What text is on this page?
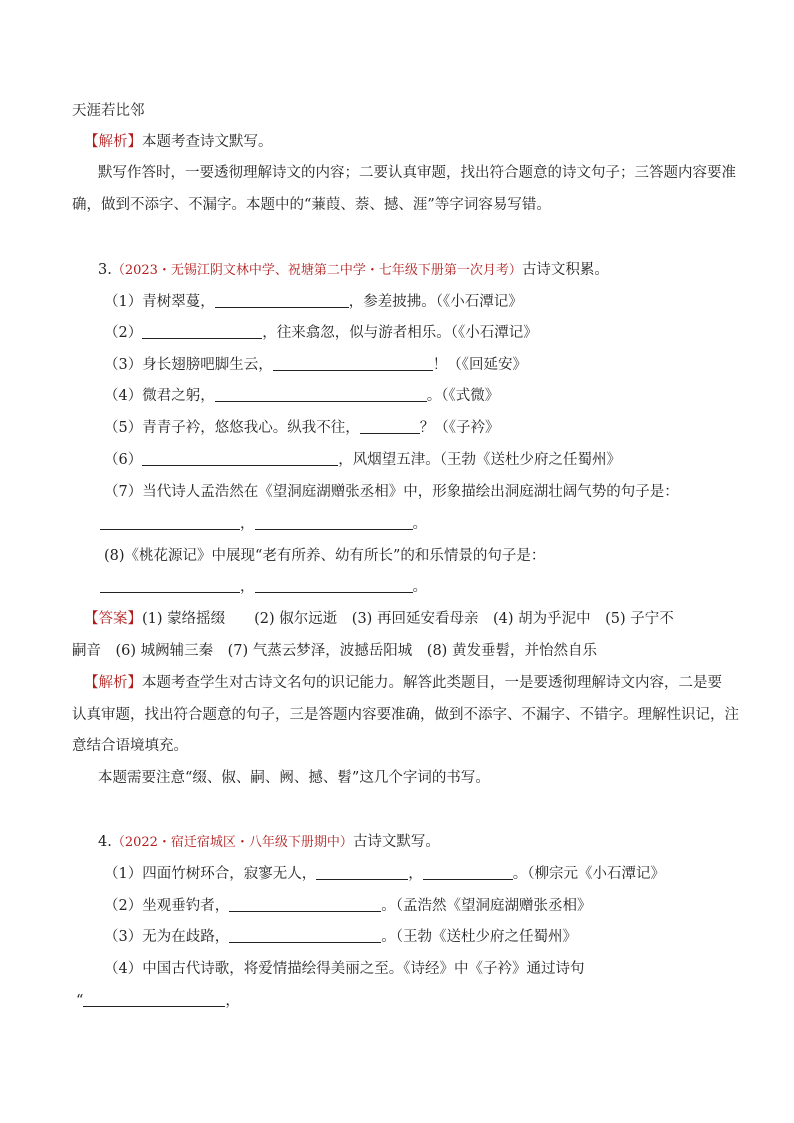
天涯若比邻
【解析】本题考查诗文默写。
默写作答时，一要透彻理解诗文的内容；二要认真审题，找出符合题意的诗文句子；三答题内容要准
确，做到不添字、不漏字。本题中的“蒹葭、萘、撼、涯”等字词容易写错。
3.（2023・无锡江阴文林中学、祝塘第二中学・七年级下册第一次月考）古诗文积累。
（1）青树翠蔓，	，参差披拂。（《小石潭记》
（2）	，往来翕忽，似与游者相乐。（《小石潭记》
（3）身长翅膀吧脚生云，	！（《回延安》
（4）微君之躬，	。（《式微》
（5）青青子衿，悠悠我心。纵我不往，	？（《子衿》
（6）	，风烟望五津。（王勃《送杜少府之任蜀州》
（7）当代诗人孟浩然在《望洞庭湖赠张丞相》中，形象描绘出洞庭湖壮阔气势的句子是：
，	。
(8)《桃花源记》中展现“老有所养、幼有所长”的和乐情景的句子是：
，	。
【答案】(1) 蒙络摇缀　　(2) 俶尔远逝　(3) 再回延安看母亲　(4) 胡为乎泥中　(5) 子宁不
嗣音　(6) 城阙辅三秦　(7) 气蒸云梦泽，波撼岳阳城　(8) 黄发垂髫，并怡然自乐
【解析】本题考查学生对古诗文名句的识记能力。解答此类题目，一是要透彻理解诗文内容，二是要
认真审题，找出符合题意的句子，三是答题内容要准确，做到不添字、不漏字、不错字。理解性识记，注
意结合语境填充。
本题需要注意“缀、俶、嗣、阙、撼、髫”这几个字词的书写。
4.（2022・宿迁宿城区・八年级下册期中）古诗文默写。
（1）四面竹树环合，寂寥无人，	，	。（柳宗元《小石潭记》
（2）坐观垂钓者，	。（孟浩然《望洞庭湖赠张丞相》
（3）无为在歧路，	。（王勃《送杜少府之任蜀州》
（4）中国古代诗歌，将爱情描绘得美丽之至。《诗经》中《子衿》通过诗句
“	，
